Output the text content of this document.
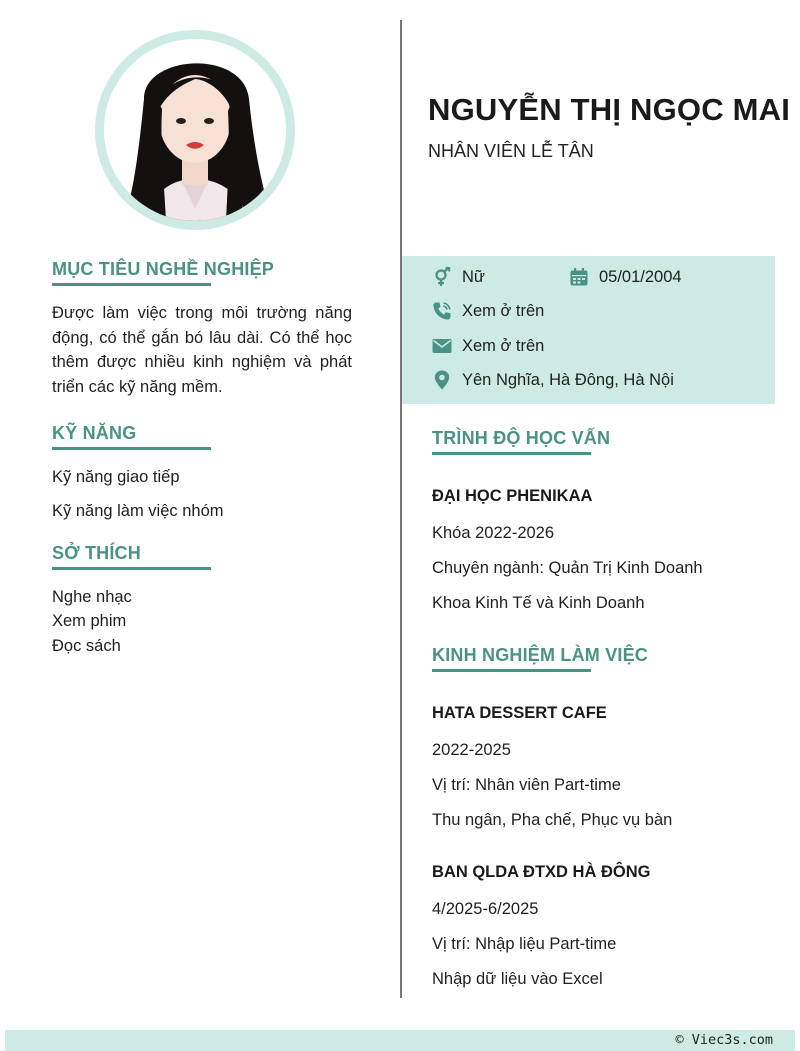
MỤC TIÊU NGHỀ NGHIỆP
Được làm việc trong môi trường năng động, có thể gắn bó lâu dài. Có thể học thêm được nhiều kinh nghiệm và phát triển các kỹ năng mềm.
KỸ NĂNG
Kỹ năng giao tiếp
Kỹ năng làm việc nhóm
SỞ THÍCH
Nghe nhạc
Xem phim
Đọc sách
NGUYỄN THỊ NGỌC MAI
NHÂN VIÊN LỄ TÂN
Nữ	05/01/2004
Xem ở trên
Xem ở trên
Yên Nghĩa, Hà Đông, Hà Nội
TRÌNH ĐỘ HỌC VẤN
ĐẠI HỌC PHENIKAA
Khóa 2022-2026
Chuyên ngành: Quản Trị Kinh Doanh
Khoa Kinh Tế và Kinh Doanh
KINH NGHIỆM LÀM VIỆC
HATA DESSERT CAFE
2022-2025
Vị trí: Nhân viên Part-time
Thu ngân, Pha chế, Phục vụ bàn
BAN QLDA ĐTXD HÀ ĐÔNG
4/2025-6/2025
Vị trí: Nhập liệu Part-time
Nhập dữ liệu vào Excel
© Viec3s.com
